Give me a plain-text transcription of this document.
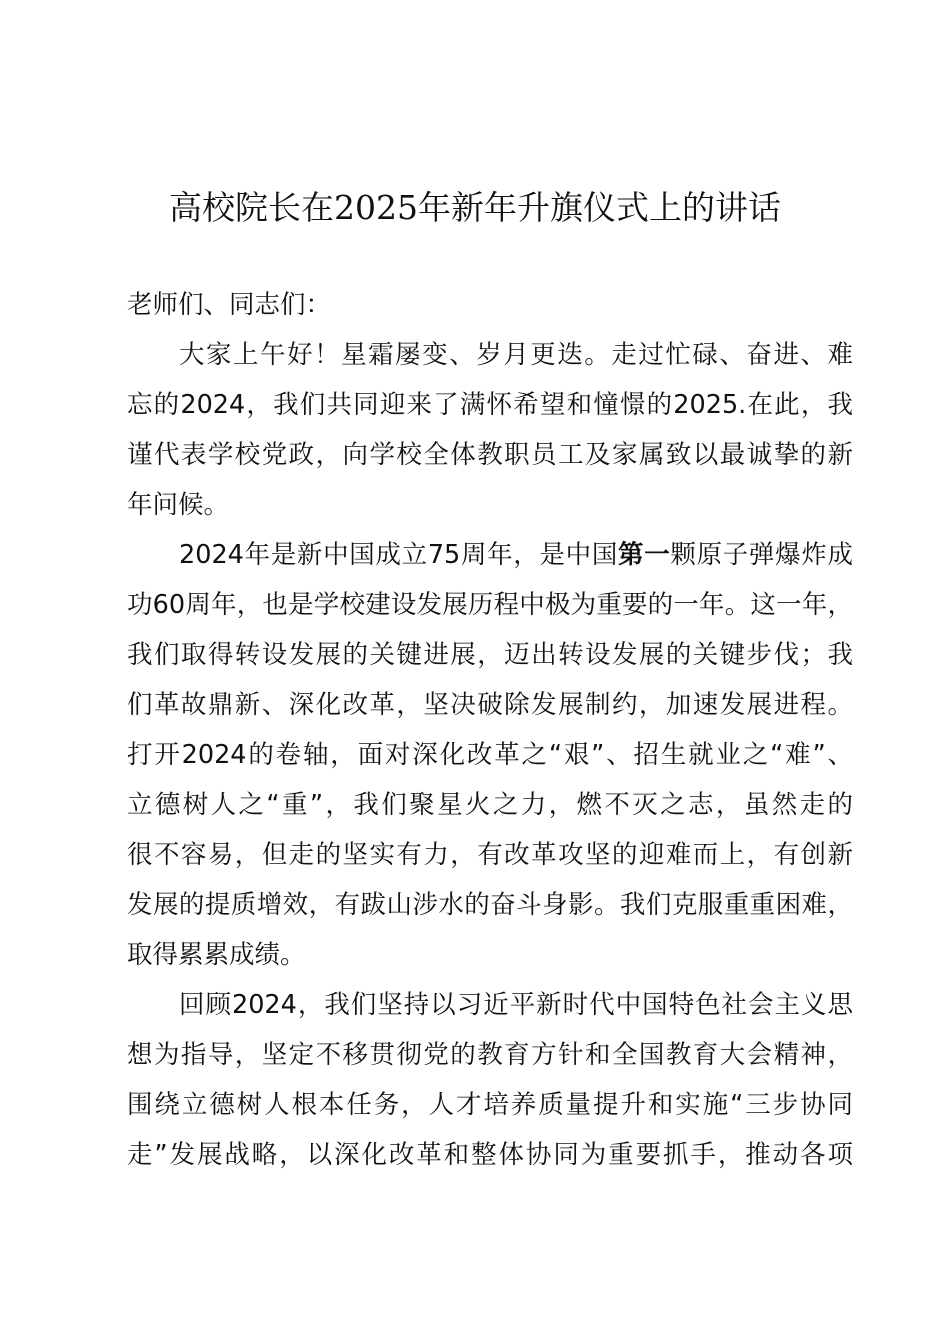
高校院长在2025年新年升旗仪式上的讲话
老师们、同志们：
大家上午好！星霜屡变、岁月更迭。走过忙碌、奋进、难
忘的2024，我们共同迎来了满怀希望和憧憬的2025.在此，我
谨代表学校党政，向学校全体教职员工及家属致以最诚挚的新
年问候。
2024年是新中国成立75周年，是中国第一颗原子弹爆炸成
功60周年，也是学校建设发展历程中极为重要的一年。这一年，
我们取得转设发展的关键进展，迈出转设发展的关键步伐；我
们革故鼎新、深化改革，坚决破除发展制约，加速发展进程。
打开2024的卷轴，面对深化改革之“艰”、招生就业之“难”、
立德树人之“重”，我们聚星火之力，燃不灭之志，虽然走的
很不容易，但走的坚实有力，有改革攻坚的迎难而上，有创新
发展的提质增效，有跋山涉水的奋斗身影。我们克服重重困难，
取得累累成绩。
回顾2024，我们坚持以习近平新时代中国特色社会主义思
想为指导，坚定不移贯彻党的教育方针和全国教育大会精神，
围绕立德树人根本任务，人才培养质量提升和实施“三步协同
走”发展战略，以深化改革和整体协同为重要抓手，推动各项
